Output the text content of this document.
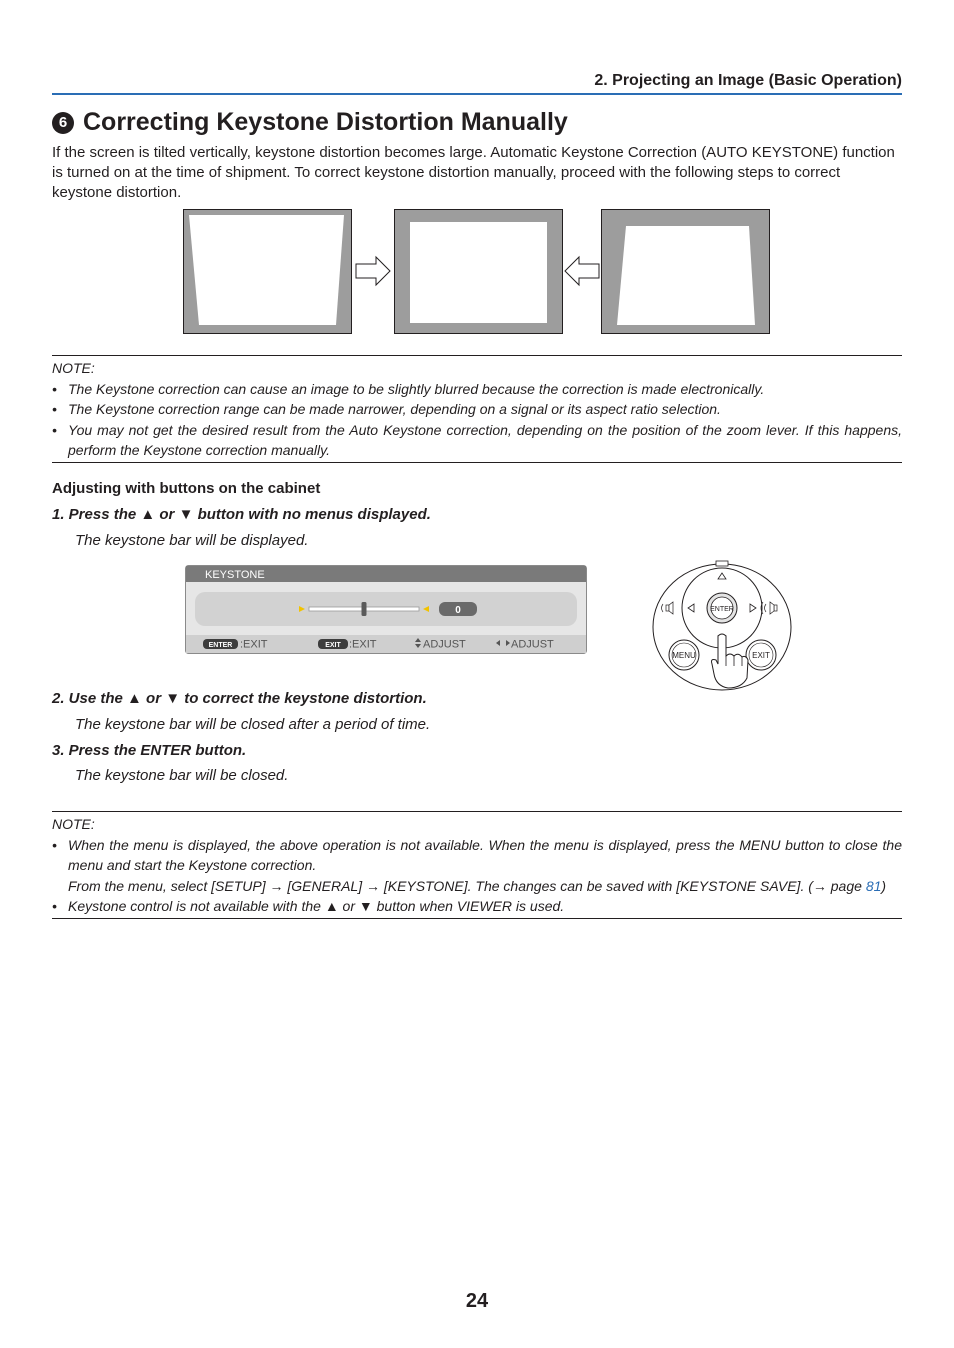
2. Projecting an Image (Basic Operation)
6 Correcting Keystone Distortion Manually
If the screen is tilted vertically, keystone distortion becomes large. Automatic Keystone Correction (AUTO KEYSTONE) function is turned on at the time of shipment. To correct keystone distortion manually, proceed with the following steps to correct keystone distortion.
NOTE:
• The Keystone correction can cause an image to be slightly blurred because the correction is made electronically.
• The Keystone correction range can be made narrower, depending on a signal or its aspect ratio selection.
• You may not get the desired result from the Auto Keystone correction, depending on the position of the zoom lever. If this happens, perform the Keystone correction manually.
Adjusting with buttons on the cabinet
1. Press the ▲ or ▼ button with no menus displayed.
The keystone bar will be displayed.
KEYSTONE
0
ENTER :EXIT	EXIT :EXIT	ADJUST	ADJUST
ENTER
MENU	EXIT
2. Use the ▲ or ▼ to correct the keystone distortion.
The keystone bar will be closed after a period of time.
3. Press the ENTER button.
The keystone bar will be closed.
NOTE:
• When the menu is displayed, the above operation is not available. When the menu is displayed, press the MENU button to close the menu and start the Keystone correction.
From the menu, select [SETUP] → [GENERAL] → [KEYSTONE]. The changes can be saved with [KEYSTONE SAVE]. (→ page 81)
• Keystone control is not available with the ▲ or ▼ button when VIEWER is used.
24
